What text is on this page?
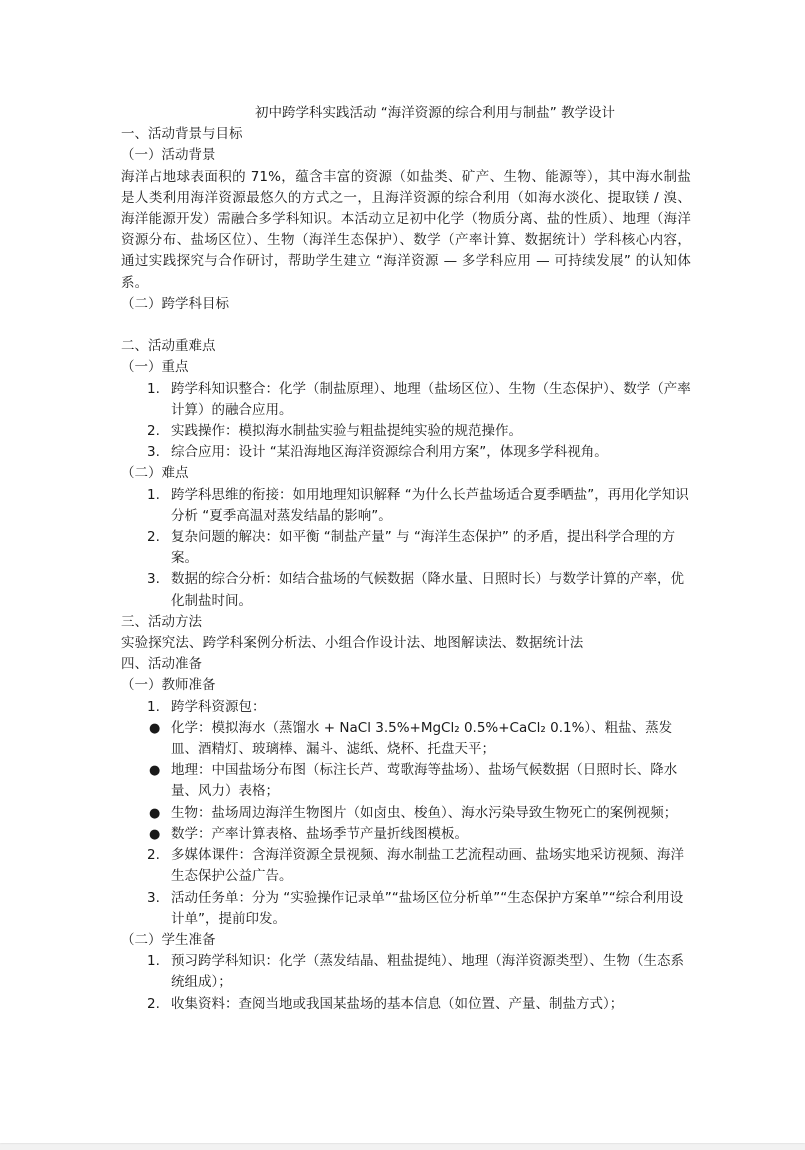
初中跨学科实践活动 “海洋资源的综合利用与制盐” 教学设计
一、活动背景与目标
（一）活动背景

海洋占地球表面积的 71%，蕴含丰富的资源（如盐类、矿产、生物、能源等），其中海水制盐是人类利用海洋资源最悠久的方式之一，且海洋资源的综合利用（如海水淡化、提取镁 / 溴、海洋能源开发）需融合多学科知识。本活动立足初中化学（物质分离、盐的性质）、地理（海洋资源分布、盐场区位）、生物（海洋生态保护）、数学（产率计算、数据统计）学科核心内容，通过实践探究与合作研讨，帮助学生建立 “海洋资源 — 多学科应用 — 可持续发展” 的认知体系。

（二）跨学科目标
二、活动重难点
（一）重点
1. 跨学科知识整合：化学（制盐原理）、地理（盐场区位）、生物（生态保护）、数学（产率计算）的融合应用。
2. 实践操作：模拟海水制盐实验与粗盐提纯实验的规范操作。
3. 综合应用：设计 “某沿海地区海洋资源综合利用方案”，体现多学科视角。
（二）难点
1. 跨学科思维的衔接：如用地理知识解释 “为什么长芦盐场适合夏季晒盐”，再用化学知识分析 “夏季高温对蒸发结晶的影响”。
2. 复杂问题的解决：如平衡 “制盐产量” 与 “海洋生态保护” 的矛盾，提出科学合理的方案。
3. 数据的综合分析：如结合盐场的气候数据（降水量、日照时长）与数学计算的产率，优化制盐时间。
三、活动方法
实验探究法、跨学科案例分析法、小组合作设计法、地图解读法、数据统计法
四、活动准备
（一）教师准备
1. 跨学科资源包：
● 化学：模拟海水（蒸馏水 + NaCl 3.5%+MgCl₂ 0.5%+CaCl₂ 0.1%）、粗盐、蒸发皿、酒精灯、玻璃棒、漏斗、滤纸、烧杯、托盘天平；
● 地理：中国盐场分布图（标注长芦、莺歌海等盐场）、盐场气候数据（日照时长、降水量、风力）表格；
● 生物：盐场周边海洋生物图片（如卤虫、梭鱼）、海水污染导致生物死亡的案例视频；
● 数学：产率计算表格、盐场季节产量折线图模板。
2. 多媒体课件：含海洋资源全景视频、海水制盐工艺流程动画、盐场实地采访视频、海洋生态保护公益广告。
3. 活动任务单：分为 “实验操作记录单”“盐场区位分析单”“生态保护方案单”“综合利用设计单”，提前印发。
（二）学生准备
1. 预习跨学科知识：化学（蒸发结晶、粗盐提纯）、地理（海洋资源类型）、生物（生态系统组成）；
2. 收集资料：查阅当地或我国某盐场的基本信息（如位置、产量、制盐方式）；
